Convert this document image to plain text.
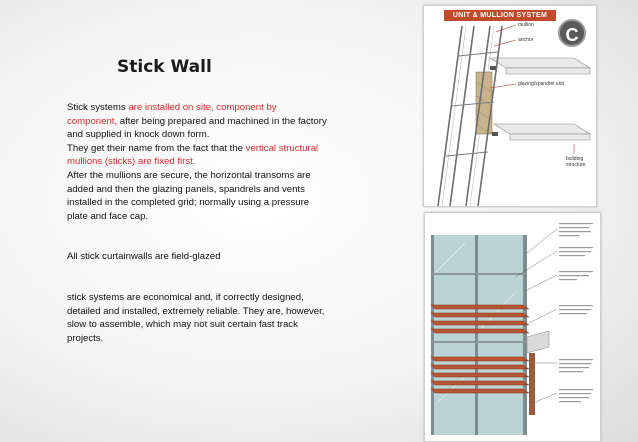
Stick Wall

Stick systems are installed on site, component by component, after being prepared and machined in the factory and supplied in knock down form.

They get their name from the fact that the vertical structural mullions (sticks) are fixed first.

After the mullions are secure, the horizontal transoms are added and then the glazing panels, spandrels and vents installed in the completed grid; normally using a pressure plate and face cap.

All stick curtainwalls are field-glazed

stick systems are economical and, if correctly designed, detailed and installed, extremely reliable. They are, however, slow to assemble, which may not suit certain fast track projects.

UNIT & MULLION SYSTEM
C
mullion
anchor
glazing/spandrel unit
building structure
